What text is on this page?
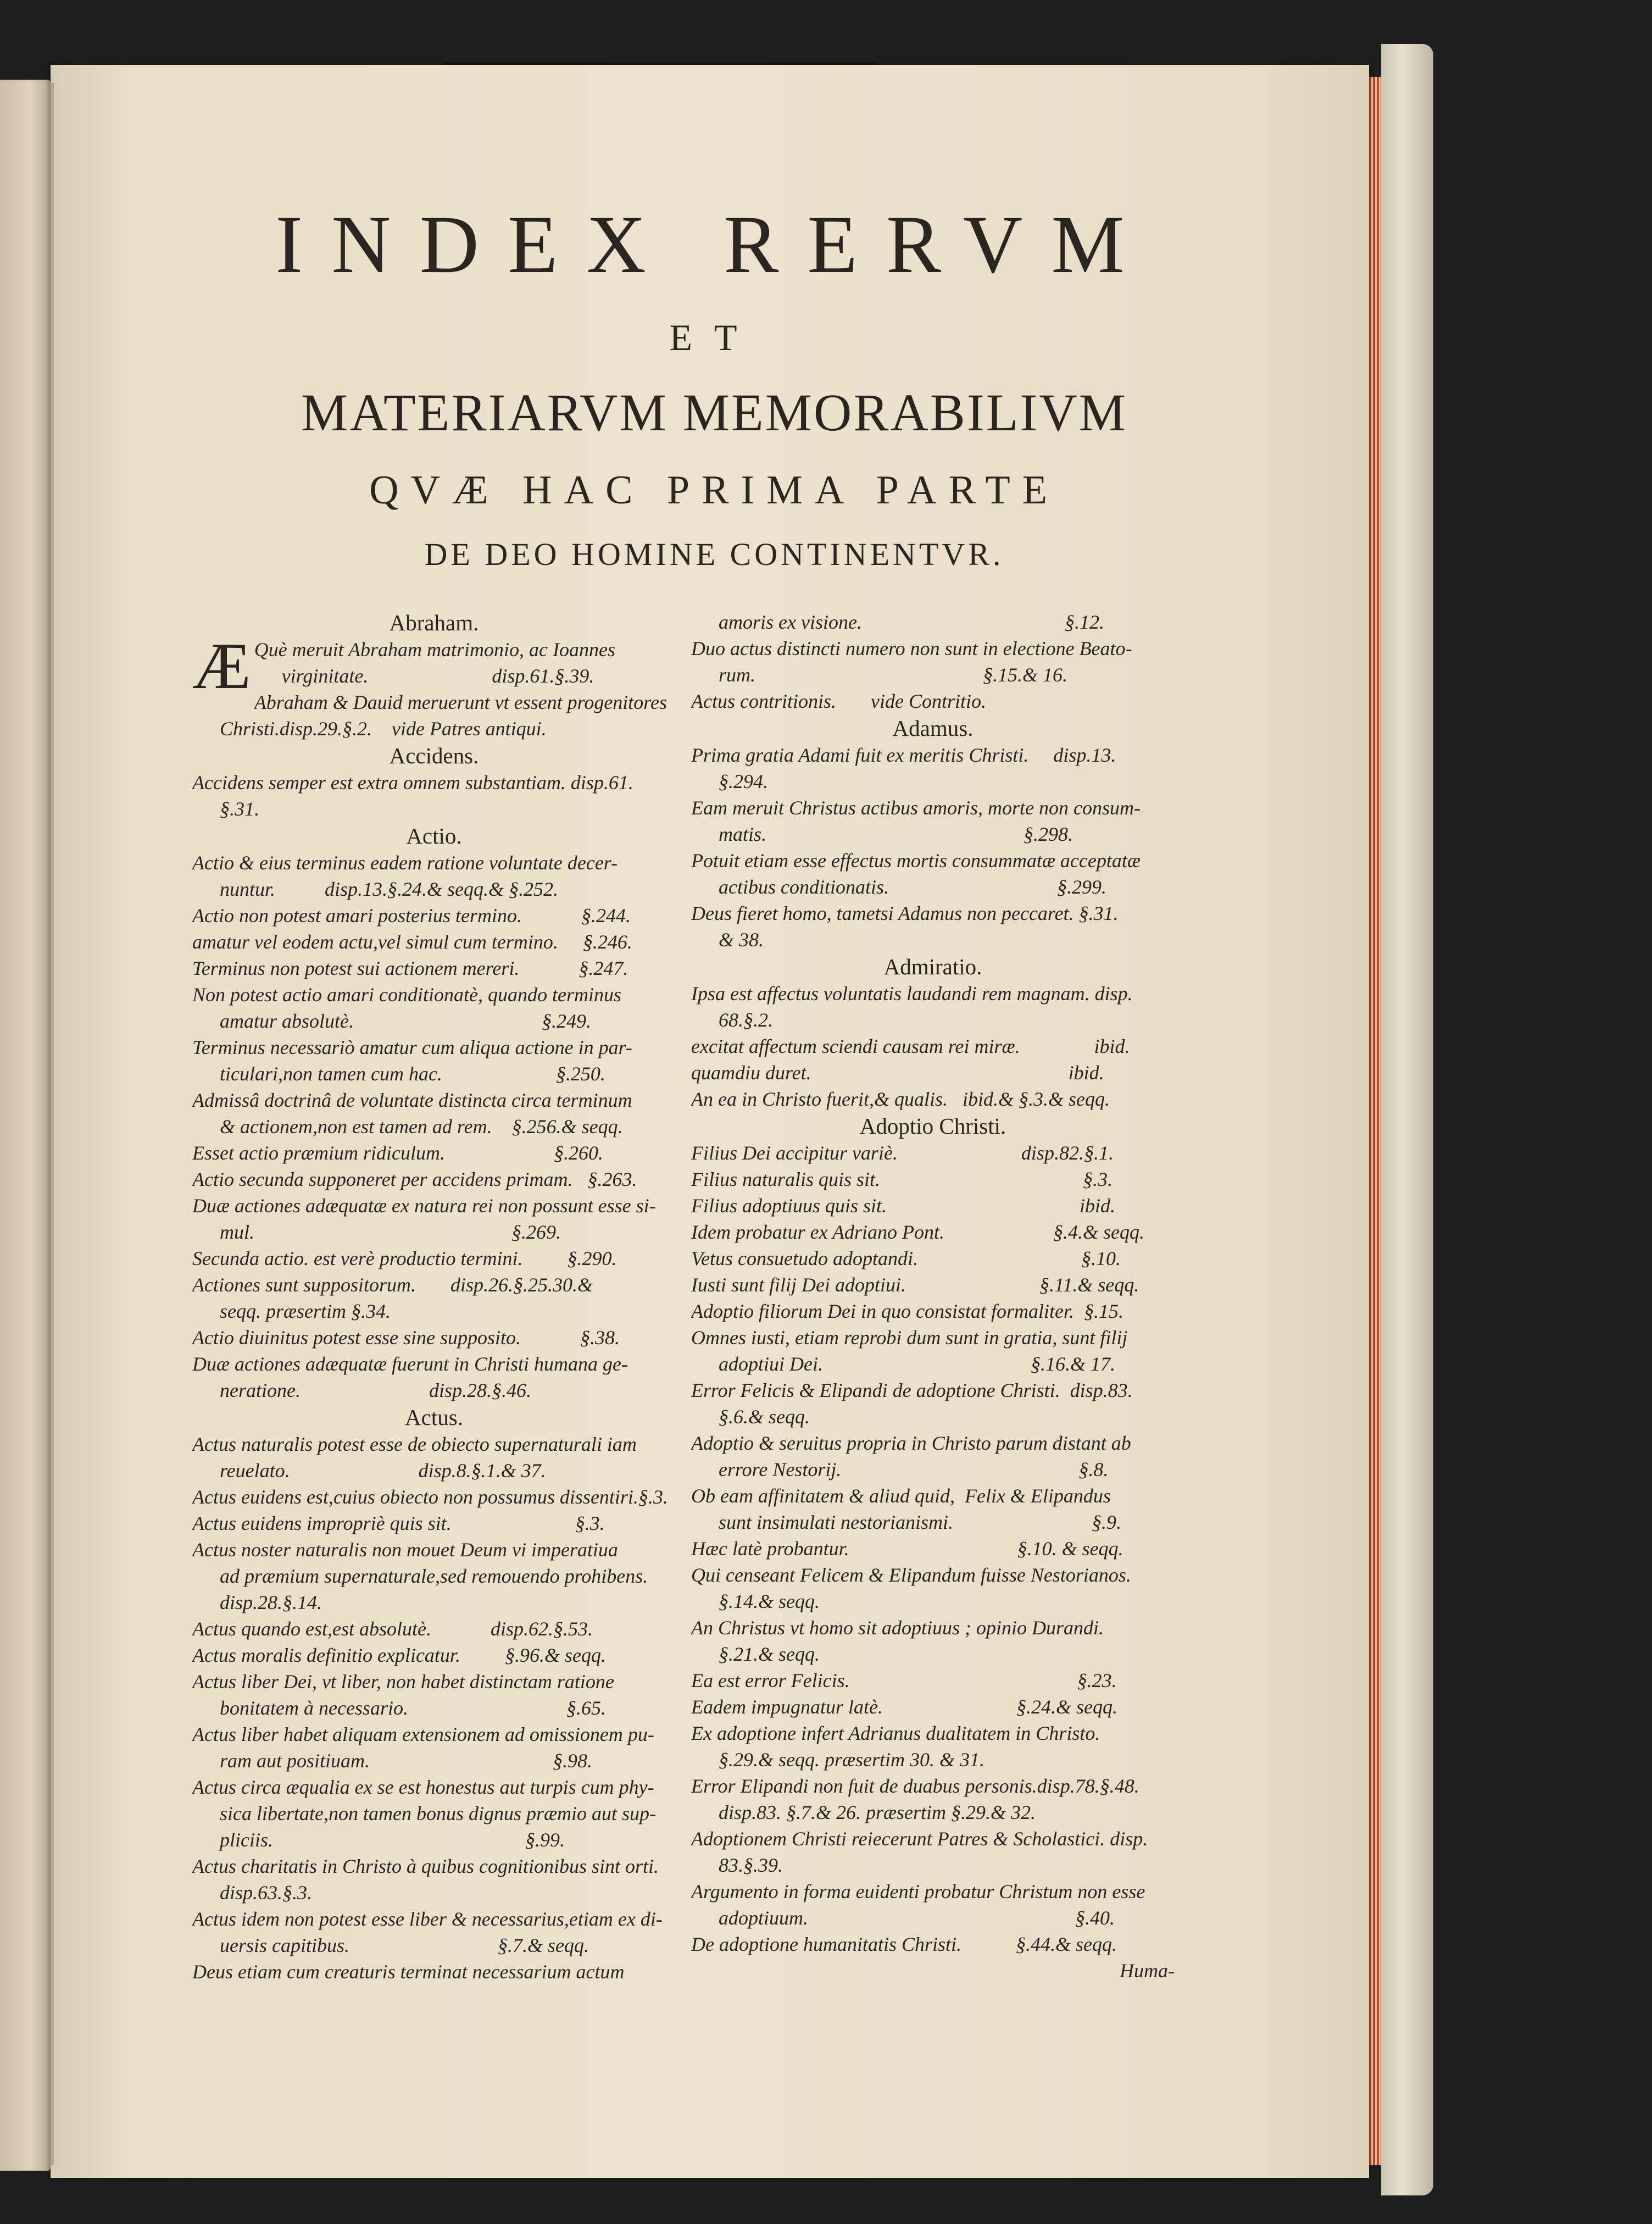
INDEX RERVM
ET
MATERIARVM MEMORABILIVM
QVÆ HAC PRIMA PARTE
DE DEO HOMINE CONTINENTVR.
Abraham.
Æ Què meruit Abraham matrimonio, ac Ioannes
virginitate.                         disp.61.§.39.
Abraham & Dauid meruerunt vt essent progenitores
Christi.disp.29.§.2.    vide Patres antiqui.
Accidens.
Accidens semper est extra omnem substantiam. disp.61.
§.31.
Actio.
Actio & eius terminus eadem ratione voluntate decer-
nuntur.          disp.13.§.24.& seqq.& §.252.
Actio non potest amari posterius termino.            §.244.
amatur vel eodem actu,vel simul cum termino.     §.246.
Terminus non potest sui actionem mereri.            §.247.
Non potest actio amari conditionatè, quando terminus
amatur absolutè.                                      §.249.
Terminus necessariò amatur cum aliqua actione in par-
ticulari,non tamen cum hac.                       §.250.
Admissâ doctrinâ de voluntate distincta circa terminum
& actionem,non est tamen ad rem.    §.256.& seqq.
Esset actio præmium ridiculum.                      §.260.
Actio secunda supponeret per accidens primam.   §.263.
Duæ actiones adæquatæ ex natura rei non possunt esse si-
mul.                                                    §.269.
Secunda actio. est verè productio termini.         §.290.
Actiones sunt suppositorum.       disp.26.§.25.30.&
seqq. præsertim §.34.
Actio diuinitus potest esse sine supposito.            §.38.
Duæ actiones adæquatæ fuerunt in Christi humana ge-
neratione.                          disp.28.§.46.
Actus.
Actus naturalis potest esse de obiecto supernaturali iam
reuelato.                          disp.8.§.1.& 37.
Actus euidens est,cuius obiecto non possumus dissentiri.§.3.
Actus euidens impropriè quis sit.                         §.3.
Actus noster naturalis non mouet Deum vi imperatiua
ad præmium supernaturale,sed remouendo prohibens.
disp.28.§.14.
Actus quando est,est absolutè.            disp.62.§.53.
Actus moralis definitio explicatur.         §.96.& seqq.
Actus liber Dei, vt liber, non habet distinctam ratione
bonitatem à necessario.                                §.65.
Actus liber habet aliquam extensionem ad omissionem pu-
ram aut positiuam.                                     §.98.
Actus circa æqualia ex se est honestus aut turpis cum phy-
sica libertate,non tamen bonus dignus præmio aut sup-
pliciis.                                                   §.99.
Actus charitatis in Christo à quibus cognitionibus sint orti.
disp.63.§.3.
Actus idem non potest esse liber & necessarius,etiam ex di-
uersis capitibus.                              §.7.& seqq.
Deus etiam cum creaturis terminat necessarium actum
amoris ex visione.                                         §.12.
Duo actus distincti numero non sunt in electione Beato-
rum.                                              §.15.& 16.
Actus contritionis.       vide Contritio.
Adamus.
Prima gratia Adami fuit ex meritis Christi.     disp.13.
§.294.
Eam meruit Christus actibus amoris, morte non consum-
matis.                                                    §.298.
Potuit etiam esse effectus mortis consummatæ acceptatæ
actibus conditionatis.                                  §.299.
Deus fieret homo, tametsi Adamus non peccaret. §.31.
& 38.
Admiratio.
Ipsa est affectus voluntatis laudandi rem magnam. disp.
68.§.2.
excitat affectum sciendi causam rei miræ.               ibid.
quamdiu duret.                                                    ibid.
An ea in Christo fuerit,& qualis.   ibid.& §.3.& seqq.
Adoptio Christi.
Filius Dei accipitur variè.                         disp.82.§.1.
Filius naturalis quis sit.                                         §.3.
Filius adoptiuus quis sit.                                       ibid.
Idem probatur ex Adriano Pont.                      §.4.& seqq.
Vetus consuetudo adoptandi.                                 §.10.
Iusti sunt filij Dei adoptiui.                           §.11.& seqq.
Adoptio filiorum Dei in quo consistat formaliter.  §.15.
Omnes iusti, etiam reprobi dum sunt in gratia, sunt filij
adoptiui Dei.                                          §.16.& 17.
Error Felicis & Elipandi de adoptione Christi.  disp.83.
§.6.& seqq.
Adoptio & seruitus propria in Christo parum distant ab
errore Nestorij.                                                §.8.
Ob eam affinitatem & aliud quid,  Felix & Elipandus
sunt insimulati nestorianismi.                            §.9.
Hæc latè probantur.                                  §.10. & seqq.
Qui censeant Felicem & Elipandum fuisse Nestorianos.
§.14.& seqq.
An Christus vt homo sit adoptiuus ; opinio Durandi.
§.21.& seqq.
Ea est error Felicis.                                              §.23.
Eadem impugnatur latè.                           §.24.& seqq.
Ex adoptione infert Adrianus dualitatem in Christo.
§.29.& seqq. præsertim 30. & 31.
Error Elipandi non fuit de duabus personis.disp.78.§.48.
disp.83. §.7.& 26. præsertim §.29.& 32.
Adoptionem Christi reiecerunt Patres & Scholastici. disp.
83.§.39.
Argumento in forma euidenti probatur Christum non esse
adoptiuum.                                                      §.40.
De adoptione humanitatis Christi.           §.44.& seqq.
Huma-
